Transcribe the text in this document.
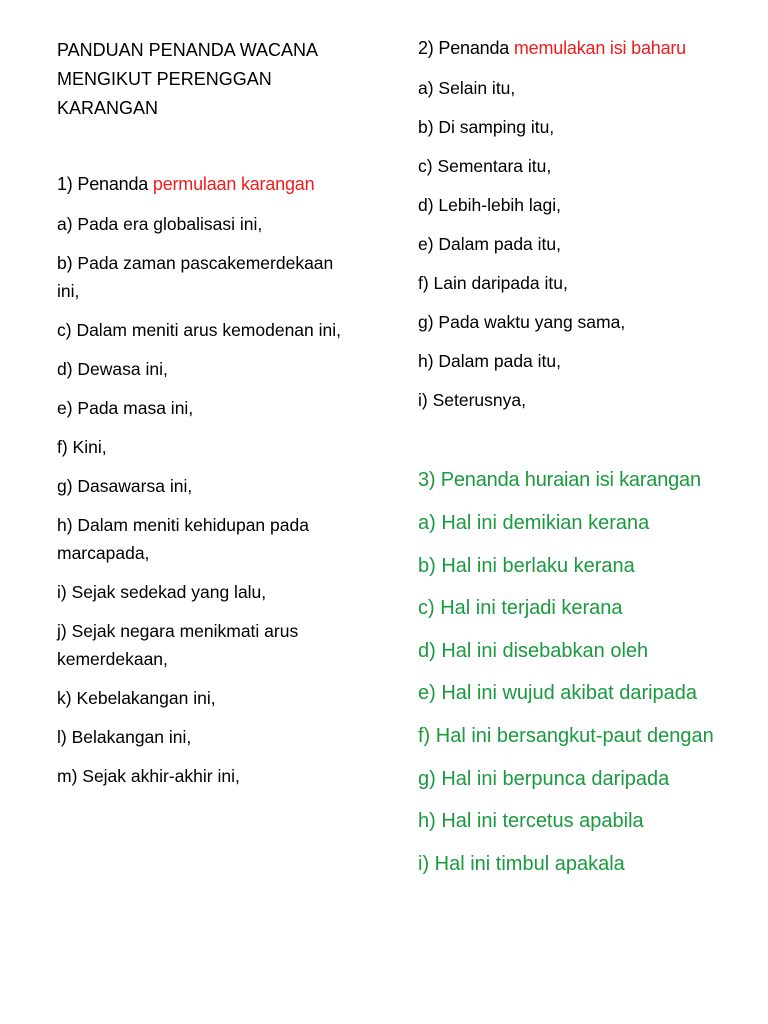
PANDUAN PENANDA WACANA
MENGIKUT PERENGGAN
KARANGAN
1) Penanda permulaan karangan
a) Pada era globalisasi ini,
b) Pada zaman pascakemerdekaan ini,
c) Dalam meniti arus kemodenan ini,
d) Dewasa ini,
e) Pada masa ini,
f) Kini,
g) Dasawarsa ini,
h) Dalam meniti kehidupan pada marcapada,
i) Sejak sedekad yang lalu,
j) Sejak negara menikmati arus kemerdekaan,
k) Kebelakangan ini,
l) Belakangan ini,
m) Sejak akhir-akhir ini,
2) Penanda memulakan isi baharu
a) Selain itu,
b) Di samping itu,
c) Sementara itu,
d) Lebih-lebih lagi,
e) Dalam pada itu,
f) Lain daripada itu,
g) Pada waktu yang sama,
h) Dalam pada itu,
i) Seterusnya,
3) Penanda huraian isi karangan
a) Hal ini demikian kerana
b) Hal ini berlaku kerana
c) Hal ini terjadi kerana
d) Hal ini disebabkan oleh
e) Hal ini wujud akibat daripada
f) Hal ini bersangkut-paut dengan
g) Hal ini berpunca daripada
h) Hal ini tercetus apabila
i) Hal ini timbul apakala
